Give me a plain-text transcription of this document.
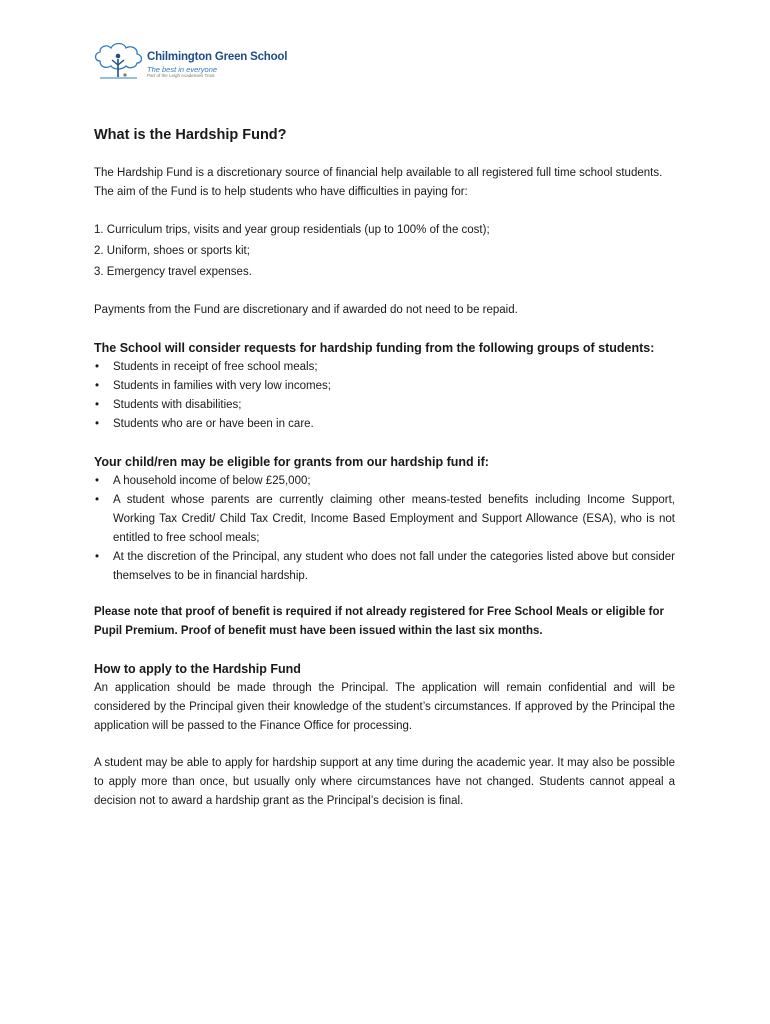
Chilmington Green School
The best in everyone
Part of the Leigh Academies Trust
What is the Hardship Fund?

The Hardship Fund is a discretionary source of financial help available to all registered full time school students. The aim of the Fund is to help students who have difficulties in paying for:

1. Curriculum trips, visits and year group residentials (up to 100% of the cost);
2. Uniform, shoes or sports kit;
3. Emergency travel expenses.

Payments from the Fund are discretionary and if awarded do not need to be repaid.

The School will consider requests for hardship funding from the following groups of students:
• Students in receipt of free school meals;
• Students in families with very low incomes;
• Students with disabilities;
• Students who are or have been in care.
Your child/ren may be eligible for grants from our hardship fund if:
• A household income of below £25,000;
• A student whose parents are currently claiming other means-tested benefits including Income Support, Working Tax Credit/ Child Tax Credit, Income Based Employment and Support Allowance (ESA), who is not entitled to free school meals;
• At the discretion of the Principal, any student who does not fall under the categories listed above but consider themselves to be in financial hardship.

Please note that proof of benefit is required if not already registered for Free School Meals or eligible for Pupil Premium. Proof of benefit must have been issued within the last six months.

How to apply to the Hardship Fund

An application should be made through the Principal. The application will remain confidential and will be considered by the Principal given their knowledge of the student’s circumstances. If approved by the Principal the application will be passed to the Finance Office for processing.

A student may be able to apply for hardship support at any time during the academic year. It may also be possible to apply more than once, but usually only where circumstances have not changed. Students cannot appeal a decision not to award a hardship grant as the Principal’s decision is final.
